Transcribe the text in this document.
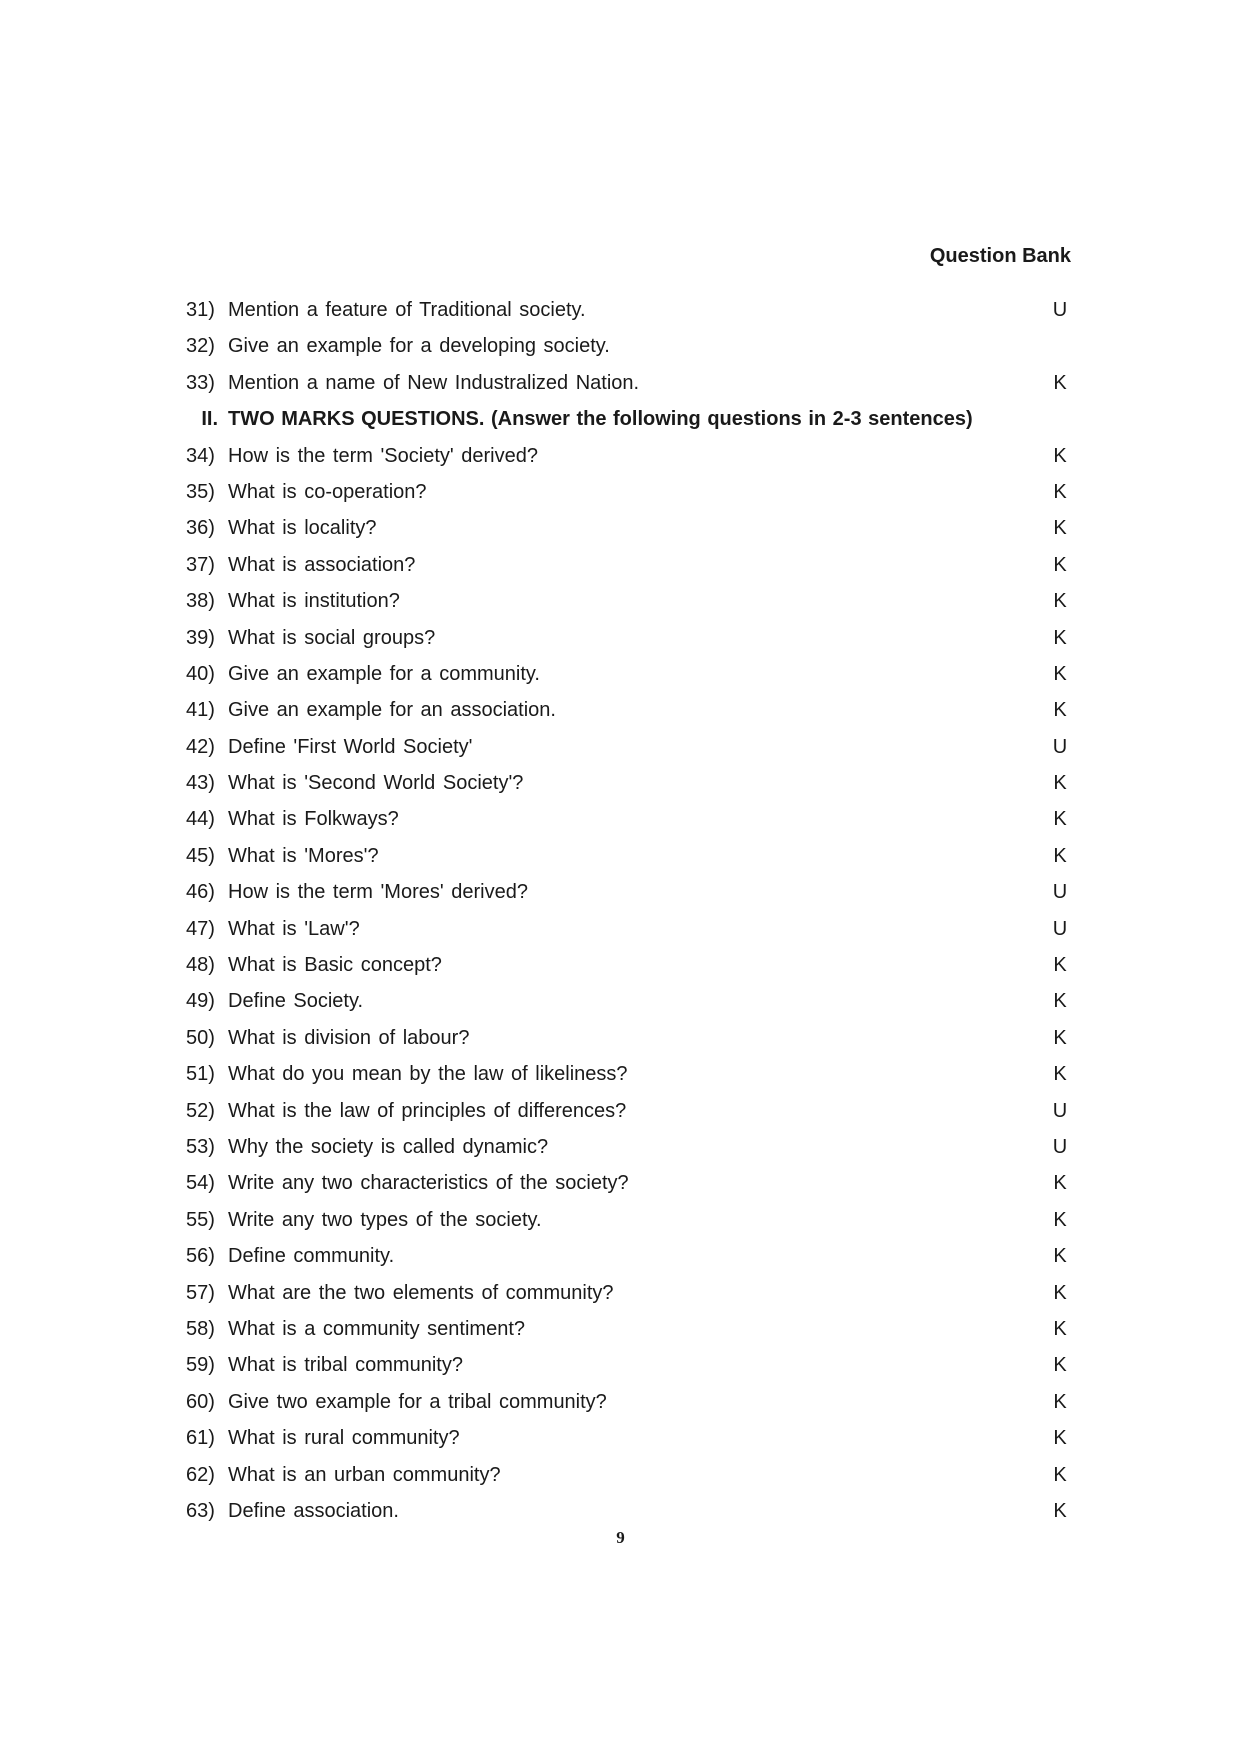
Question Bank
31) Mention a feature of Traditional society.	U
32) Give an example for a developing society.
33) Mention a name of New Industralized Nation.	K
II. TWO MARKS QUESTIONS. (Answer the following questions in 2-3 sentences)
34) How is the term 'Society' derived?	K
35) What is co-operation?	K
36) What is locality?	K
37) What is association?	K
38) What is institution?	K
39) What is social groups?	K
40) Give an example for a community.	K
41) Give an example for an association.	K
42) Define 'First World Society'	U
43) What is 'Second World Society'?	K
44) What is Folkways?	K
45) What is 'Mores'?	K
46) How is the term 'Mores' derived?	U
47) What is 'Law'?	U
48) What is Basic concept?	K
49) Define Society.	K
50) What is division of labour?	K
51) What do you mean by the law of likeliness?	K
52) What is the law of principles of differences?	U
53) Why the society is called dynamic?	U
54) Write any two characteristics of the society?	K
55) Write any two types of the society.	K
56) Define community.	K
57) What are the two elements of community?	K
58) What is a community sentiment?	K
59) What is tribal community?	K
60) Give two example for a tribal community?	K
61) What is rural community?	K
62) What is an urban community?	K
63) Define association.	K
9
